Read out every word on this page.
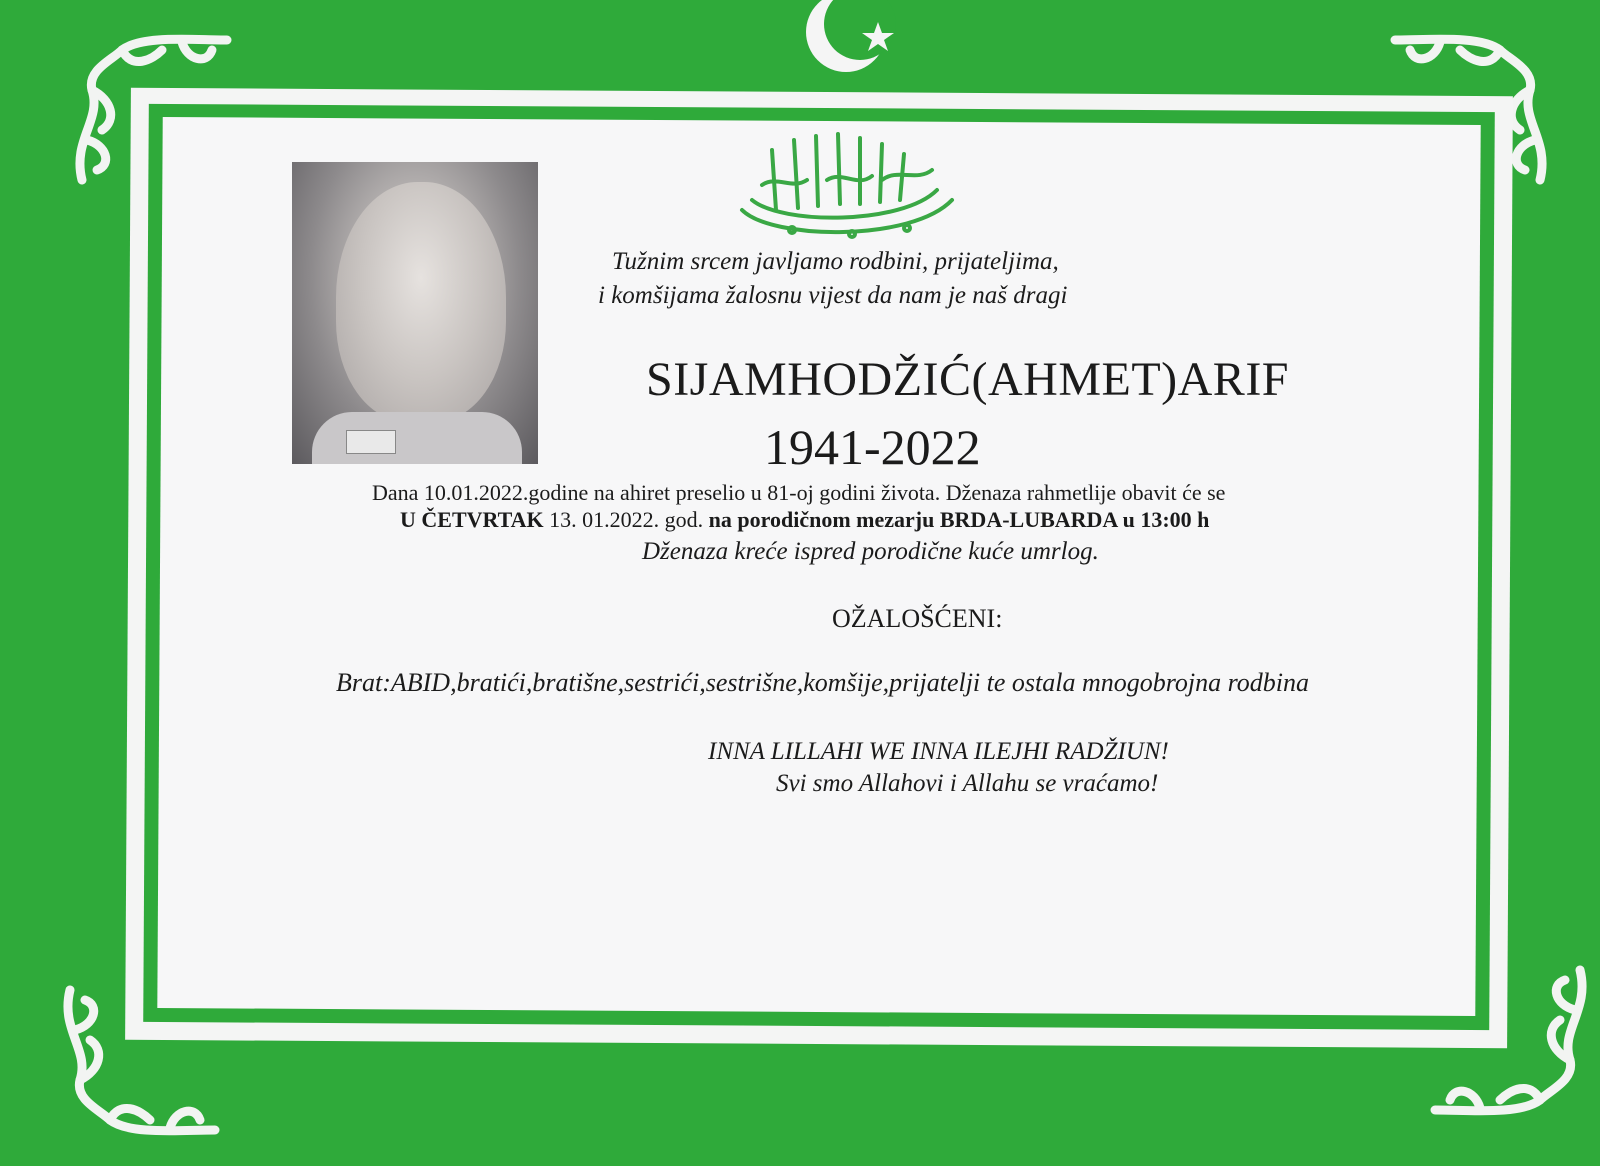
Tužnim srcem javljamo rodbini, prijateljima,
i komšijama žalosnu vijest da nam je naš dragi
SIJAMHODŽIĆ(AHMET)ARIF
1941-2022
Dana 10.01.2022.godine na ahiret preselio u 81-oj godini života. Dženaza rahmetlije obavit će se
U ČETVRTAK 13. 01.2022. god. na porodičnom mezarju BRDA-LUBARDA u 13:00 h
Dženaza kreće ispred porodične kuće umrlog.
OŽALOŠĆENI:
Brat:ABID,bratići,bratišne,sestrići,sestrišne,komšije,prijatelji te ostala mnogobrojna rodbina
INNA LILLAHI WE INNA ILEJHI RADŽIUN!
Svi smo Allahovi i Allahu se vraćamo!
